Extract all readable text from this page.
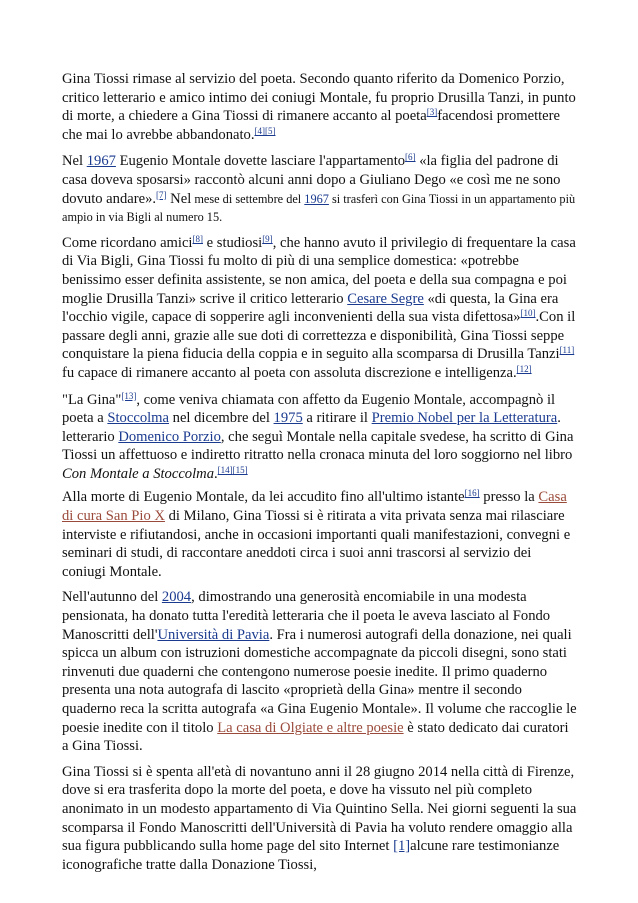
Gina Tiossi rimase al servizio del poeta. Secondo quanto riferito da Domenico Porzio, critico letterario e amico intimo dei coniugi Montale, fu proprio Drusilla Tanzi, in punto di morte, a chiedere a Gina Tiossi di rimanere accanto al poeta[3]facendosi promettere che mai lo avrebbe abbandonato.[4][5]

Nel 1967 Eugenio Montale dovette lasciare l'appartamento[6] «la figlia del padrone di casa doveva sposarsi» raccontò alcuni anni dopo a Giuliano Dego «e così me ne sono dovuto andare».[7] Nel mese di settembre del 1967 si trasferì con Gina Tiossi in un appartamento più ampio in via Bigli al numero 15.

Come ricordano amici[8] e studiosi[9], che hanno avuto il privilegio di frequentare la casa di Via Bigli, Gina Tiossi fu molto di più di una semplice domestica: «potrebbe benissimo esser definita assistente, se non amica, del poeta e della sua compagna e poi moglie Drusilla Tanzi» scrive il critico letterario Cesare Segre «di questa, la Gina era l'occhio vigile, capace di sopperire agli inconvenienti della sua vista difettosa»[10].Con il passare degli anni, grazie alle sue doti di correttezza e disponibilità, Gina Tiossi seppe conquistare la piena fiducia della coppia e in seguito alla scomparsa di Drusilla Tanzi[11] fu capace di rimanere accanto al poeta con assoluta discrezione e intelligenza.[12]

"La Gina"[13], come veniva chiamata con affetto da Eugenio Montale, accompagnò il poeta a Stoccolma nel dicembre del 1975 a ritirare il Premio Nobel per la Letteratura. letterario Domenico Porzio, che seguì Montale nella capitale svedese, ha scritto di Gina Tiossi un affettuoso e indiretto ritratto nella cronaca minuta del loro soggiorno nel libro Con Montale a Stoccolma.[14][15]

Alla morte di Eugenio Montale, da lei accudito fino all'ultimo istante[16] presso la Casa di cura San Pio X di Milano, Gina Tiossi si è ritirata a vita privata senza mai rilasciare interviste e rifiutandosi, anche in occasioni importanti quali manifestazioni, convegni e seminari di studi, di raccontare aneddoti circa i suoi anni trascorsi al servizio dei coniugi Montale.

Nell'autunno del 2004, dimostrando una generosità encomiabile in una modesta pensionata, ha donato tutta l'eredità letteraria che il poeta le aveva lasciato al Fondo Manoscritti dell'Università di Pavia. Fra i numerosi autografi della donazione, nei quali spicca un album con istruzioni domestiche accompagnate da piccoli disegni, sono stati rinvenuti due quaderni che contengono numerose poesie inedite. Il primo quaderno presenta una nota autografa di lascito «proprietà della Gina» mentre il secondo quaderno reca la scritta autografa «a Gina Eugenio Montale». Il volume che raccoglie le poesie inedite con il titolo La casa di Olgiate e altre poesie è stato dedicato dai curatori a Gina Tiossi.

Gina Tiossi si è spenta all'età di novantuno anni il 28 giugno 2014 nella città di Firenze, dove si era trasferita dopo la morte del poeta, e dove ha vissuto nel più completo anonimato in un modesto appartamento di Via Quintino Sella. Nei giorni seguenti la sua scomparsa il Fondo Manoscritti dell'Università di Pavia ha voluto rendere omaggio alla sua figura pubblicando sulla home page del sito Internet [1]alcune rare testimonianze iconografiche tratte dalla Donazione Tiossi,
